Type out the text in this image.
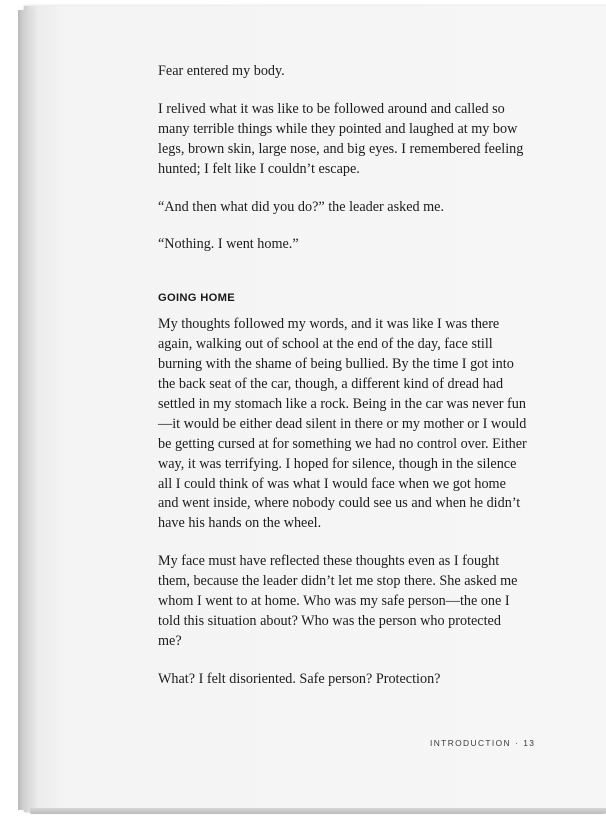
Fear entered my body.

I relived what it was like to be followed around and called so many terrible things while they pointed and laughed at my bow legs, brown skin, large nose, and big eyes. I remembered feeling hunted; I felt like I couldn’t escape.

“And then what did you do?” the leader asked me.

“Nothing. I went home.”

GOING HOME

My thoughts followed my words, and it was like I was there again, walking out of school at the end of the day, face still burning with the shame of being bullied. By the time I got into the back seat of the car, though, a different kind of dread had settled in my stomach like a rock. Being in the car was never fun—it would be either dead silent in there or my mother or I would be getting cursed at for something we had no control over. Either way, it was terrifying. I hoped for silence, though in the silence all I could think of was what I would face when we got home and went inside, where nobody could see us and when he didn’t have his hands on the wheel.

My face must have reflected these thoughts even as I fought them, because the leader didn’t let me stop there. She asked me whom I went to at home. Who was my safe person—the one I told this situation about? Who was the person who protected me?

What? I felt disoriented. Safe person? Protection?

INTRODUCTION · 13
